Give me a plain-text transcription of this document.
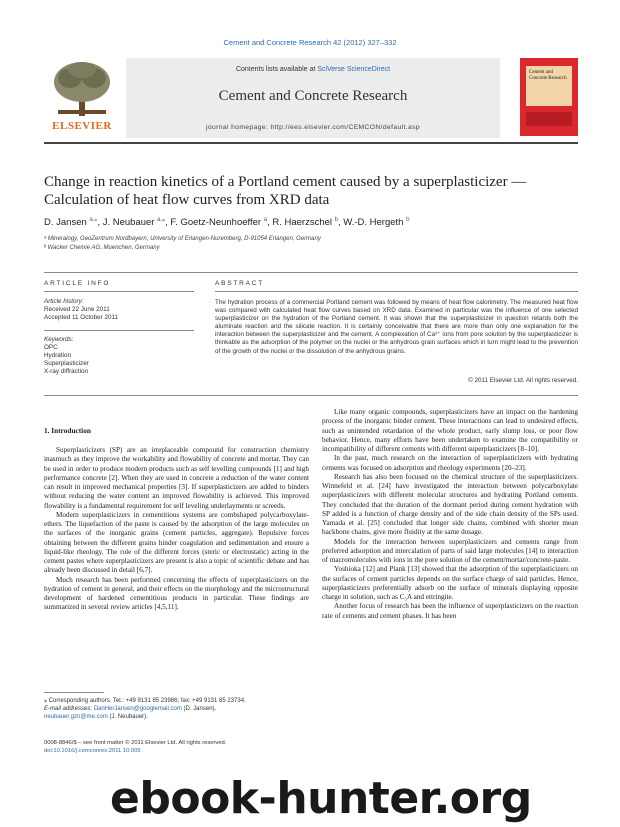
Cement and Concrete Research 42 (2012) 327–332
ELSEVIER
Contents lists available at SciVerse ScienceDirect
Cement and Concrete Research
journal homepage: http://ees.elsevier.com/CEMCON/default.asp
Cement and Concrete Research
Change in reaction kinetics of a Portland cement caused by a superplasticizer — Calculation of heat flow curves from XRD data
D. Jansen $^{a,⁎}$, J. Neubauer $^{a,⁎}$, F. Goetz-Neunhoeffer $^a$, R. Haerzschel $^b$, W.-D. Hergeth $^b$
ᵃ Mineralogy, GeoZentrum Nordbayern, University of Erlangen-Nuremberg, D-91054 Erlangen, Germany
ᵇ Wacker Chemie AG, Muenchen, Germany
ARTICLE INFO	ABSTRACT
Article history:
Received 22 June 2011
Accepted 11 October 2011
Keywords:
OPC
Hydration
Superplasticizer
X-ray diffraction
The hydration process of a commercial Portland cement was followed by means of heat flow calorimetry. The measured heat flow was compared with calculated heat flow curves based on XRD data. Examined in particular was the influence of one selected superplasticizer on the hydration of the Portland cement. It was shown that the superplasticizer in question retards both the aluminate reaction and the silicate reaction. It is certainly conceivable that there are more than only one explanation for the interaction between the superplasticizer and the cement. A complexation of Ca²⁺ ions from pore solution by the superplasticizer is thinkable as the adsorption of the polymer on the nuclei or the anhydrous grain surfaces which in turn might lead to the prevention of the growth of the nuclei or the dissolution of the anhydrous grains.
© 2011 Elsevier Ltd. All rights reserved.
1. Introduction

Superplasticizers (SP) are an irreplaceable compound for construction chemistry inasmuch as they improve the workability and flowability of concrete and mortar. They can be used in order to produce modern products such as self levelling compounds [1] and high performance concrete [2]. When they are used in concrete a reduction of the water content can result in improved mechanical properties [3]. If superplasticizers are added to binders without reducing the water content an improved flowability is achieved. This improved flowability is a fundamental requirement for self leveling underlayments or screeds.

Modern superplasticizers in cementitious systems are combshaped polycarboxylate-ethers. The liquefaction of the paste is caused by the adsorption of the large molecules on the surfaces of the inorganic grains (cement particles, aggregate). Repulsive forces obtaining between the different grains hinder coagulation and sedimentation and ensure a liquid-like rheology. The role of the different forces (steric or electrostatic) acting in the cement pastes where superplasticizers are present is also a topic of scientific debate and has already been discussed in detail [6,7].

Much research has been performed concerning the effects of superplasticizers on the hydration of cement in general, and their effects on the morphology and the microstructural development of hardened cementitious products in particular. These findings are summarized in several review articles [4,5,11].

Like many organic compounds, superplasticizers have an impact on the hardening process of the inorganic binder cement. These interactions can lead to undesired effects, such as unintended retardation of the whole product, early slump loss, or poor flow behavior. Hence, many efforts have been undertaken to examine the compatibility or incompatibility of different cements with different superplasticizers [8–10].

In the past, much research on the interaction of superplasticizers with hydrating cements was focused on adsorption and rheology experiments [20–23].

Research has also been focused on the chemical structure of the superplasticizers. Winnefeld et al. [24] have investigated the interaction between polycarboxylate superplasticizers with different molecular structures and hydrating Portland cements. They concluded that the duration of the dormant period during cement hydration with SP added is a function of charge density and of the side chain density of the SPs used. Yamada et al. [25] concluded that longer side chains, combined with shorter mean backbone chains, give more fluidity at the same dosage.

Models for the interaction between superplasticizers and cements range from preferred adsorption and intercalation of parts of said large molecules [14] to interaction of macromolecules with ions in the pore solution of the cement/mortar/concrete-paste.

Yoshioka [12] and Plank [13] showed that the adsorption of the superplasticizers on the surfaces of cement particles depends on the surface charge of said particles. Hence, superplasticizers preferentially adsorb on the surface of minerals displaying opposite charge in solution, such as C₃A and ettringite.

Another focus of research has been the influence of superplasticizers on the reaction rate of cements and cement phases. It has been

⁎ Corresponding authors. Tel.: +49 9131 85 23986; fax: +49 9131 85 23734.
E-mail addresses: DanHerJansen@googlemail.com (D. Jansen),
neubauer.gzn@me.com (J. Neubauer).
0008-8846/$ – see front matter © 2011 Elsevier Ltd. All rights reserved.
doi:10.1016/j.cemconres.2011.10.005
ebook-hunter.org
